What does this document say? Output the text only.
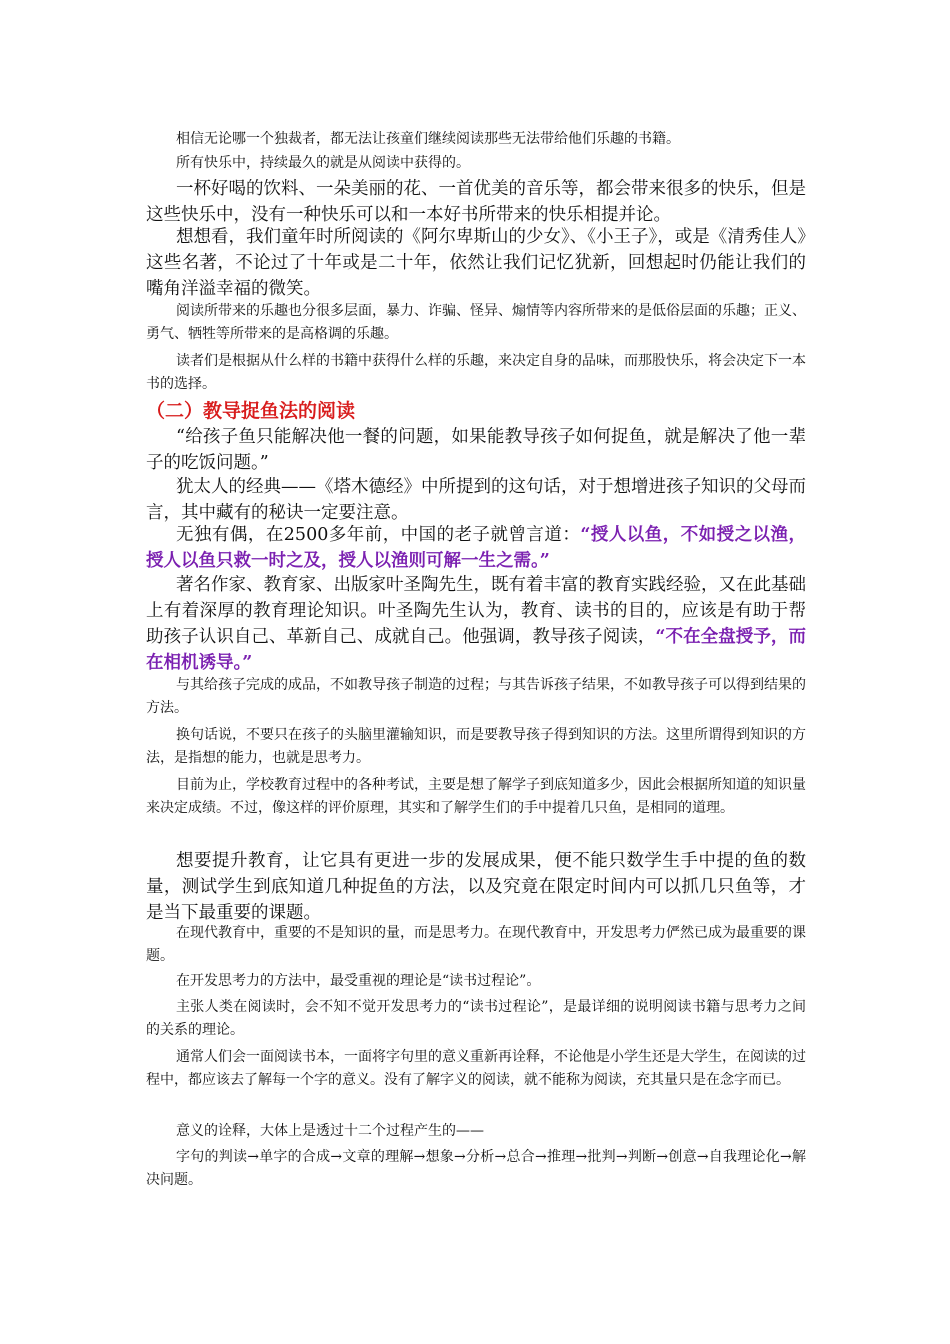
相信无论哪一个独裁者，都无法让孩童们继续阅读那些无法带给他们乐趣的书籍。

所有快乐中，持续最久的就是从阅读中获得的。

一杯好喝的饮料、一朵美丽的花、一首优美的音乐等，都会带来很多的快乐，但是这些快乐中，没有一种快乐可以和一本好书所带来的快乐相提并论。

想想看，我们童年时所阅读的《阿尔卑斯山的少女》、《小王子》，或是《清秀佳人》这些名著，不论过了十年或是二十年，依然让我们记忆犹新，回想起时仍能让我们的嘴角洋溢幸福的微笑。

阅读所带来的乐趣也分很多层面，暴力、诈骗、怪异、煽情等内容所带来的是低俗层面的乐趣；正义、勇气、牺牲等所带来的是高格调的乐趣。

读者们是根据从什么样的书籍中获得什么样的乐趣，来决定自身的品味，而那股快乐，将会决定下一本书的选择。

（二）教导捉鱼法的阅读

“给孩子鱼只能解决他一餐的问题，如果能教导孩子如何捉鱼，就是解决了他一辈子的吃饭问题。”

犹太人的经典——《塔木德经》中所提到的这句话，对于想增进孩子知识的父母而言，其中藏有的秘诀一定要注意。

无独有偶，在2500多年前，中国的老子就曾言道：“授人以鱼，不如授之以渔，授人以鱼只救一时之及，授人以渔则可解一生之需。”

著名作家、教育家、出版家叶圣陶先生，既有着丰富的教育实践经验，又在此基础上有着深厚的教育理论知识。叶圣陶先生认为，教育、读书的目的，应该是有助于帮助孩子认识自己、革新自己、成就自己。他强调，教导孩子阅读，“不在全盘授予，而在相机诱导。”

与其给孩子完成的成品，不如教导孩子制造的过程；与其告诉孩子结果，不如教导孩子可以得到结果的方法。

换句话说，不要只在孩子的头脑里灌输知识，而是要教导孩子得到知识的方法。这里所谓得到知识的方法，是指想的能力，也就是思考力。

目前为止，学校教育过程中的各种考试，主要是想了解学子到底知道多少，因此会根据所知道的知识量来决定成绩。不过，像这样的评价原理，其实和了解学生们的手中提着几只鱼，是相同的道理。

想要提升教育，让它具有更进一步的发展成果，便不能只数学生手中提的鱼的数量，测试学生到底知道几种捉鱼的方法，以及究竟在限定时间内可以抓几只鱼等，才是当下最重要的课题。

在现代教育中，重要的不是知识的量，而是思考力。在现代教育中，开发思考力俨然已成为最重要的课题。

在开发思考力的方法中，最受重视的理论是“读书过程论”。

主张人类在阅读时，会不知不觉开发思考力的“读书过程论”，是最详细的说明阅读书籍与思考力之间的关系的理论。

通常人们会一面阅读书本，一面将字句里的意义重新再诠释，不论他是小学生还是大学生，在阅读的过程中，都应该去了解每一个字的意义。没有了解字义的阅读，就不能称为阅读，充其量只是在念字而已。

意义的诠释，大体上是透过十二个过程产生的——

字句的判读→单字的合成→文章的理解→想象→分析→总合→推理→批判→判断→创意→自我理论化→解决问题。
